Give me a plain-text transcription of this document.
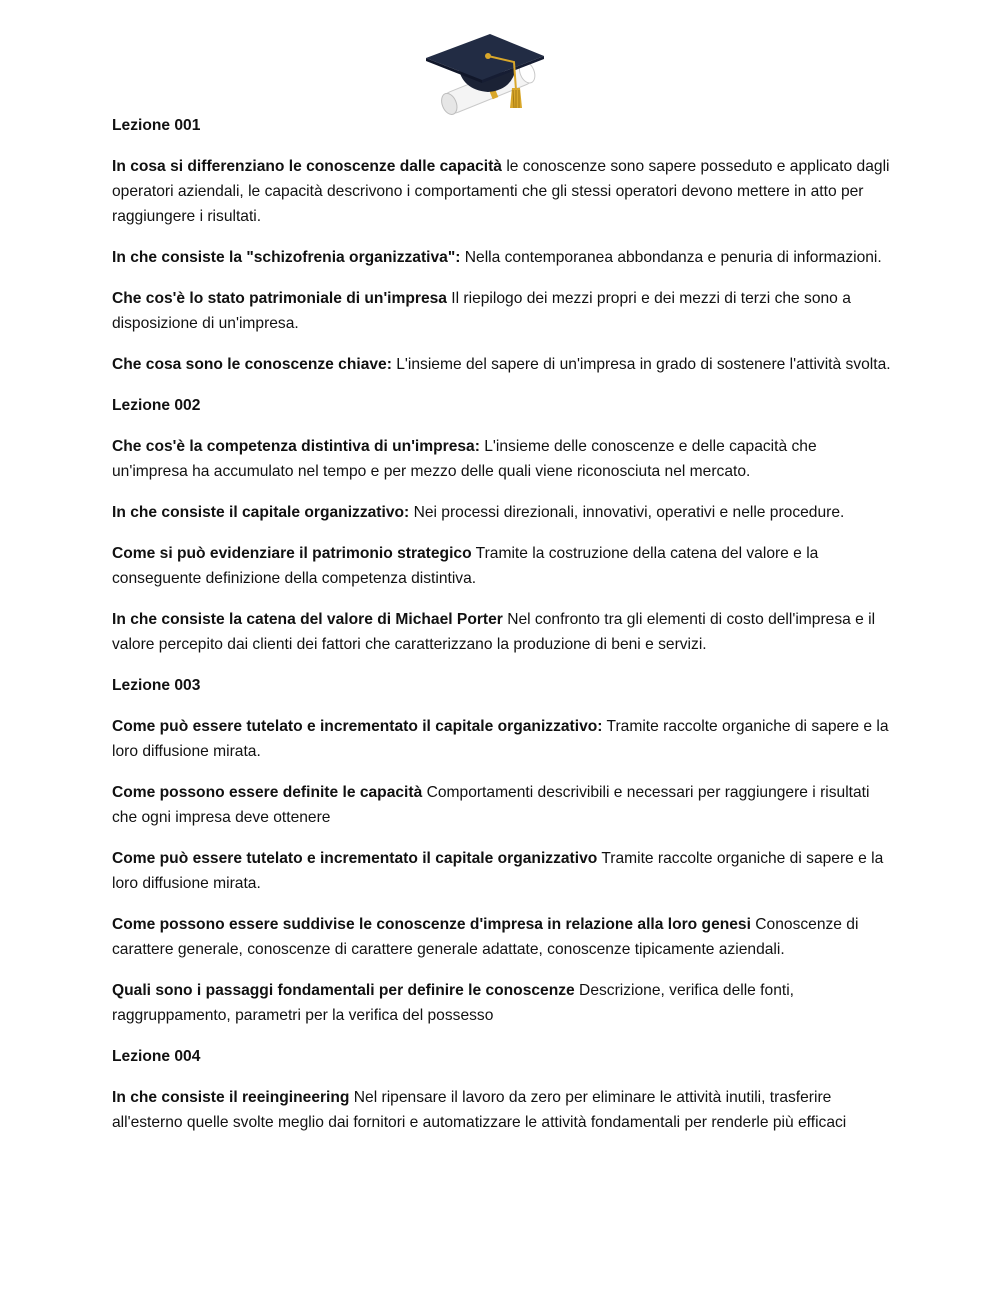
Lezione 001

In cosa si differenziano le conoscenze dalle capacità le conoscenze sono sapere posseduto e applicato dagli operatori aziendali, le capacità descrivono i comportamenti che gli stessi operatori devono mettere in atto per raggiungere i risultati.

In che consiste la "schizofrenia organizzativa": Nella contemporanea abbondanza e penuria di informazioni.

Che cos'è lo stato patrimoniale di un'impresa Il riepilogo dei mezzi propri e dei mezzi di terzi che sono a disposizione di un'impresa.

Che cosa sono le conoscenze chiave: L'insieme del sapere di un'impresa in grado di sostenere l'attività svolta.

Lezione 002

Che cos'è la competenza distintiva di un'impresa: L'insieme delle conoscenze e delle capacità che un'impresa ha accumulato nel tempo e per mezzo delle quali viene riconosciuta nel mercato.

In che consiste il capitale organizzativo: Nei processi direzionali, innovativi, operativi e nelle procedure.

Come si può evidenziare il patrimonio strategico Tramite la costruzione della catena del valore e la conseguente definizione della competenza distintiva.

In che consiste la catena del valore di Michael Porter Nel confronto tra gli elementi di costo dell'impresa e il valore percepito dai clienti dei fattori che caratterizzano la produzione di beni e servizi.

Lezione 003

Come può essere tutelato e incrementato il capitale organizzativo: Tramite raccolte organiche di sapere e la loro diffusione mirata.

Come possono essere definite le capacità Comportamenti descrivibili e necessari per raggiungere i risultati che ogni impresa deve ottenere

Come può essere tutelato e incrementato il capitale organizzativo Tramite raccolte organiche di sapere e la loro diffusione mirata.

Come possono essere suddivise le conoscenze d'impresa in relazione alla loro genesi Conoscenze di carattere generale, conoscenze di carattere generale adattate, conoscenze tipicamente aziendali.

Quali sono i passaggi fondamentali per definire le conoscenze Descrizione, verifica delle fonti, raggruppamento, parametri per la verifica del possesso

Lezione 004

In che consiste il reeingineering Nel ripensare il lavoro da zero per eliminare le attività inutili, trasferire all'esterno quelle svolte meglio dai fornitori e automatizzare le attività fondamentali per renderle più efficaci
